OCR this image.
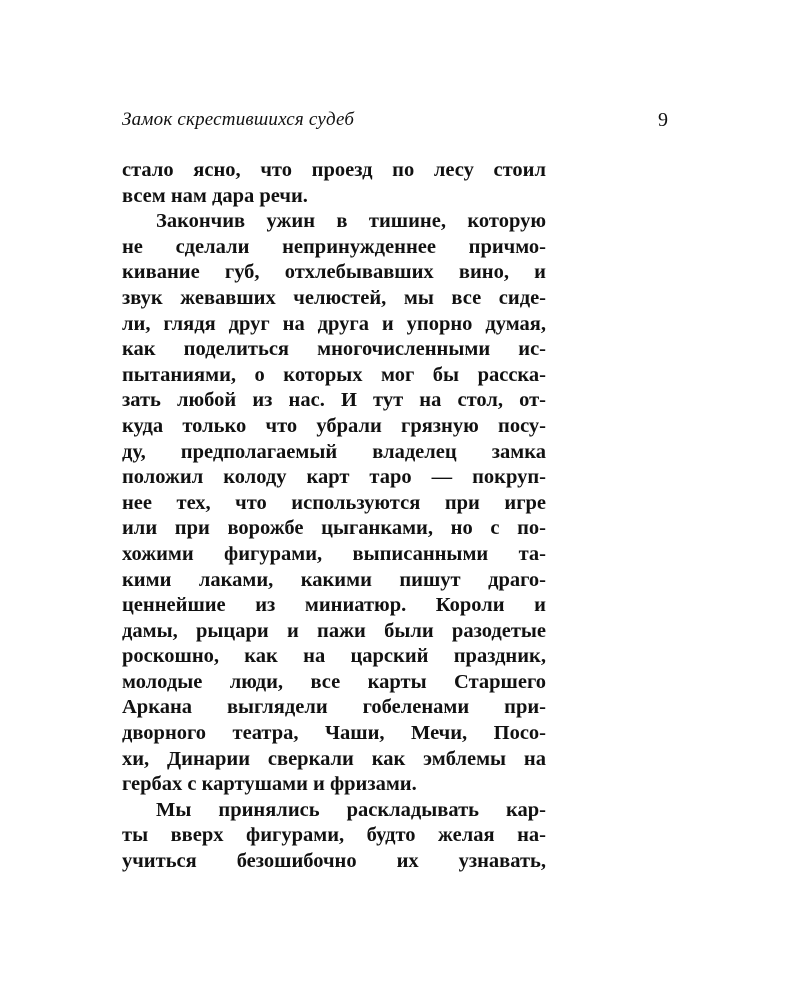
Замок скрестившихся судеб	9
стало ясно, что проезд по лесу стоил
всем нам дара речи.
Закончив ужин в тишине, которую
не сделали непринужденнее причмо-
кивание губ, отхлебывавших вино, и
звук жевавших челюстей, мы все сиде-
ли, глядя друг на друга и упорно думая,
как поделиться многочисленными ис-
пытаниями, о которых мог бы расска-
зать любой из нас. И тут на стол, от-
куда только что убрали грязную посу-
ду, предполагаемый владелец замка
положил колоду карт таро — покруп-
нее тех, что используются при игре
или при ворожбе цыганками, но с по-
хожими фигурами, выписанными та-
кими лаками, какими пишут драго-
ценнейшие из миниатюр. Короли и
дамы, рыцари и пажи были разодетые
роскошно, как на царский праздник,
молодые люди, все карты Старшего
Аркана выглядели гобеленами при-
дворного театра, Чаши, Мечи, Посо-
хи, Динарии сверкали как эмблемы на
гербах с картушами и фризами.
Мы принялись раскладывать кар-
ты вверх фигурами, будто желая на-
учиться безошибочно их узнавать,
